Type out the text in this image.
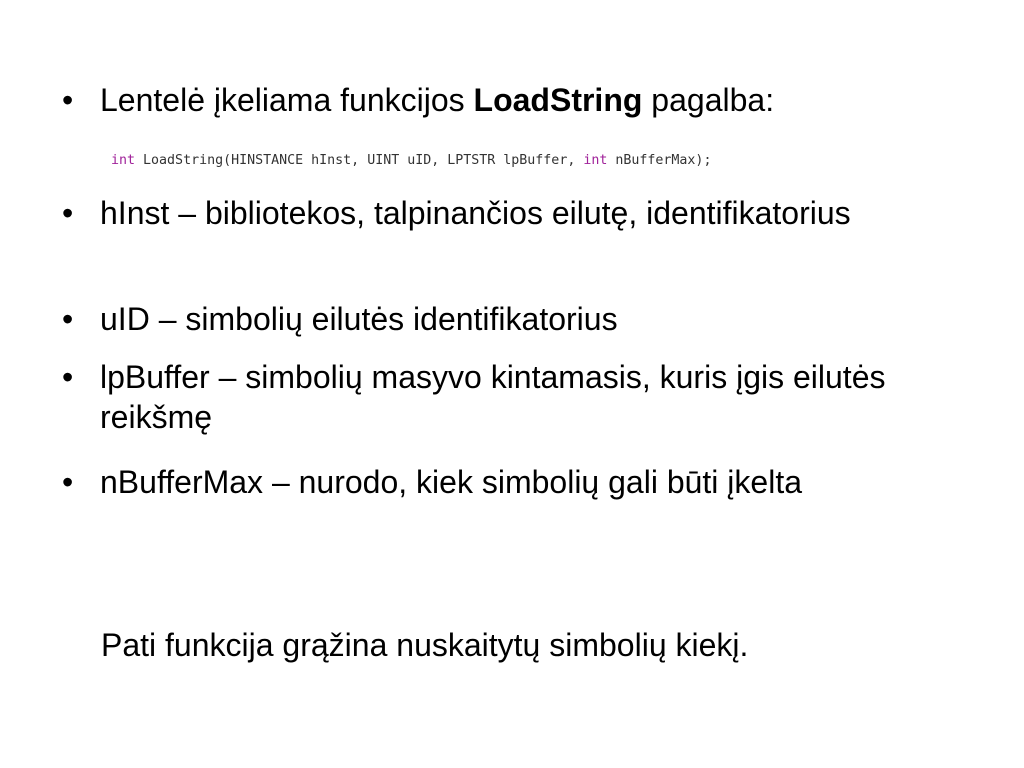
• Lentelė įkeliama funkcijos LoadString pagalba:
int LoadString(HINSTANCE hInst, UINT uID, LPTSTR lpBuffer, int nBufferMax);
• hInst – bibliotekos, talpinančios eilutę, identifikatorius
• uID – simbolių eilutės identifikatorius
• lpBuffer – simbolių masyvo kintamasis, kuris įgis eilutės reikšmę
• nBufferMax – nurodo, kiek simbolių gali būti įkelta
Pati funkcija grąžina nuskaitytų simbolių kiekį.
